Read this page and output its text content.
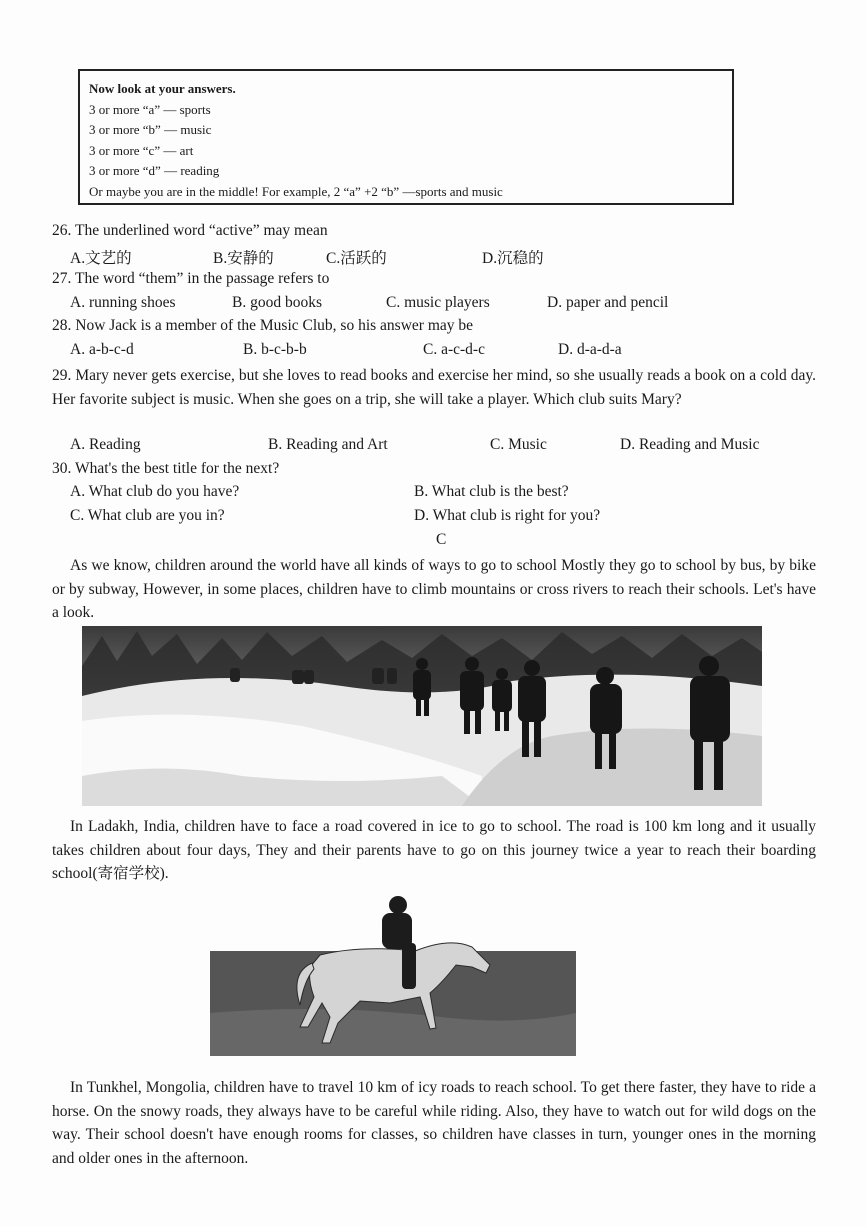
Now look at your answers.
3 or more “a” — sports
3 or more “b” — music
3 or more “c” — art
3 or more “d” — reading
Or maybe you are in the middle! For example, 2 “a” +2 “b” —sports and music
26. The underlined word “active” may mean
A.文艺的	B.安静的	C.活跃的	D.沉稳的
27. The word “them” in the passage refers to
A. running shoes	B. good books	C. music players	D. paper and pencil
28. Now Jack is a member of the Music Club, so his answer may be
A. a-b-c-d	B. b-c-b-b	C. a-c-d-c	D. d-a-d-a
29. Mary never gets exercise, but she loves to read books and exercise her mind, so she usually reads a book on a cold day. Her favorite subject is music. When she goes on a trip, she will take a player. Which club suits Mary?
A. Reading	B. Reading and Art	C. Music	D. Reading and Music
30. What's the best title for the next?
A. What club do you have?	B. What club is the best?
C. What club are you in?	D. What club is right for you?
C
As we know, children around the world have all kinds of ways to go to school Mostly they go to school by bus, by bike or by subway, However, in some places, children have to climb mountains or cross rivers to reach their schools. Let's have a look.
In Ladakh, India, children have to face a road covered in ice to go to school. The road is 100 km long and it usually takes children about four days, They and their parents have to go on this journey twice a year to reach their boarding school(寄宿学校).
In Tunkhel, Mongolia, children have to travel 10 km of icy roads to reach school. To get there faster, they have to ride a horse. On the snowy roads, they always have to be careful while riding. Also, they have to watch out for wild dogs on the way. Their school doesn't have enough rooms for classes, so children have classes in turn, younger ones in the morning and older ones in the afternoon.
